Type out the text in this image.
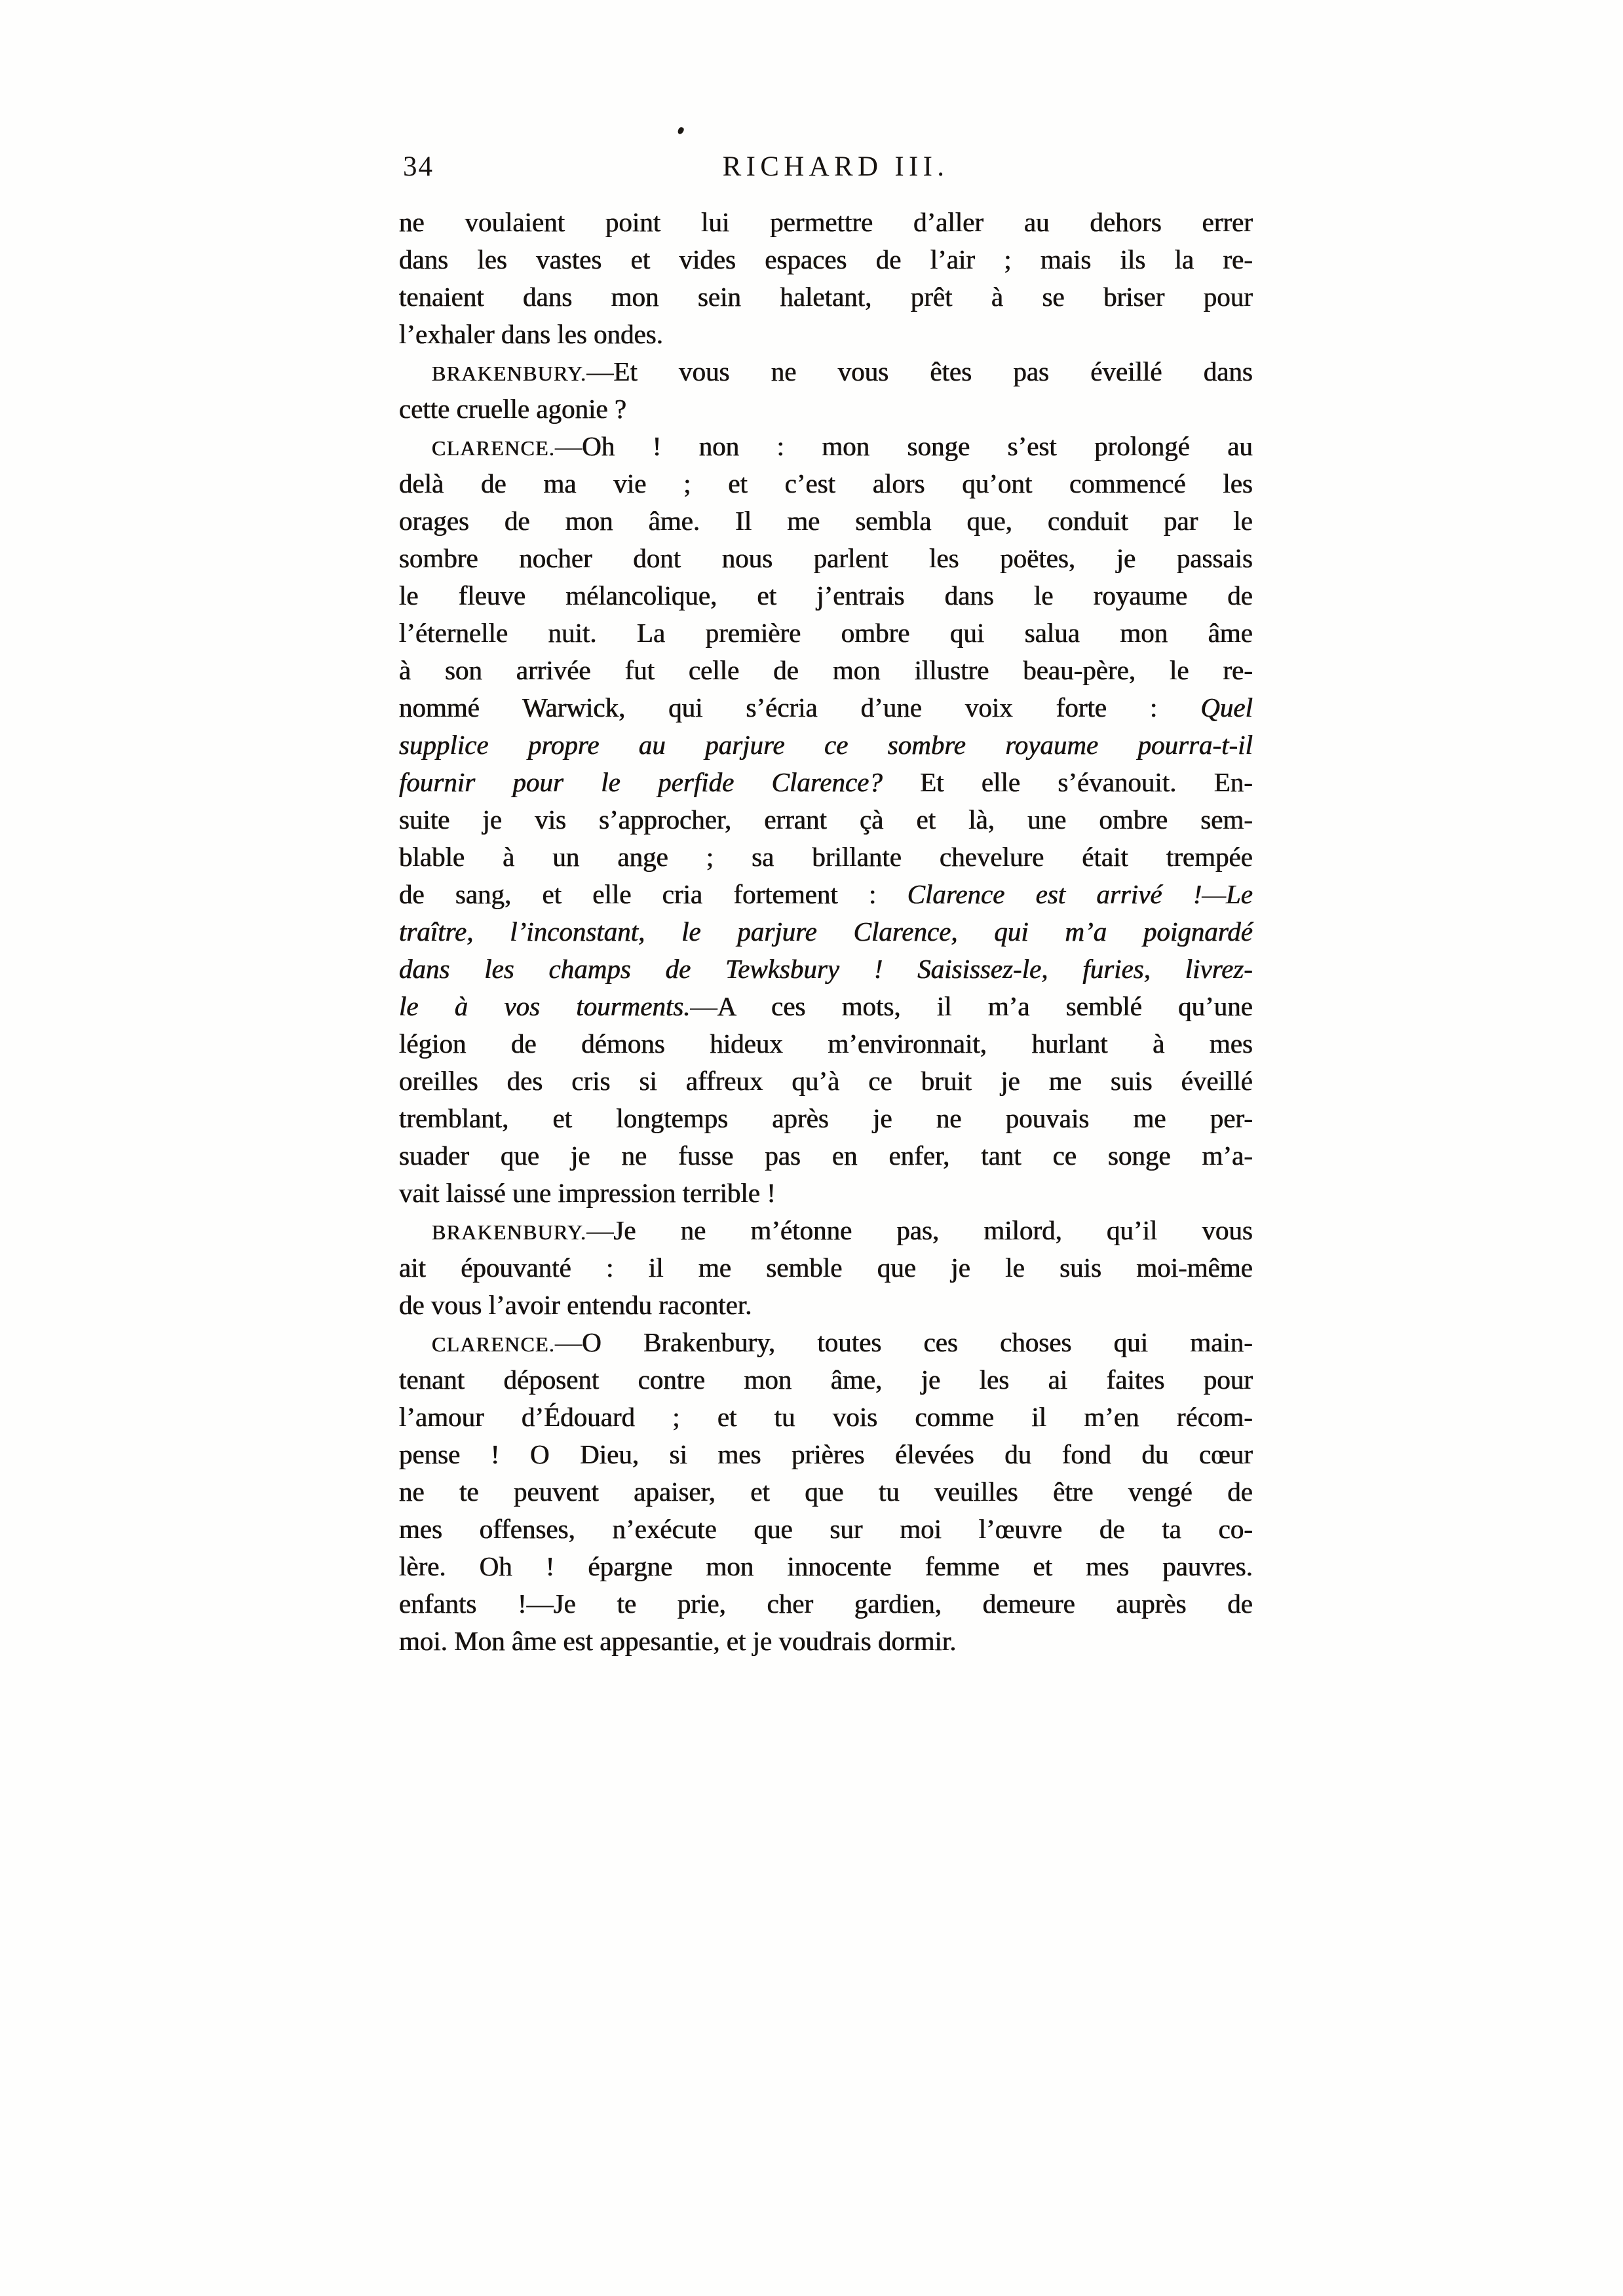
34	RICHARD III.
ne voulaient point lui permettre d’aller au dehors errer
dans les vastes et vides espaces de l’air ; mais ils la re-
tenaient dans mon sein haletant, prêt à se briser pour
l’exhaler dans les ondes.
BRAKENBURY.—Et vous ne vous êtes pas éveillé dans
cette cruelle agonie ?
CLARENCE.—Oh ! non : mon songe s’est prolongé au
delà de ma vie ; et c’est alors qu’ont commencé les
orages de mon âme. Il me sembla que, conduit par le
sombre nocher dont nous parlent les poëtes, je passais
le fleuve mélancolique, et j’entrais dans le royaume de
l’éternelle nuit. La première ombre qui salua mon âme
à son arrivée fut celle de mon illustre beau-père, le re-
nommé Warwick, qui s’écria d’une voix forte : Quel
supplice propre au parjure ce sombre royaume pourra-t-il
fournir pour le perfide Clarence? Et elle s’évanouit. En-
suite je vis s’approcher, errant çà et là, une ombre sem-
blable à un ange ; sa brillante chevelure était trempée
de sang, et elle cria fortement : Clarence est arrivé !—Le
traître, l’inconstant, le parjure Clarence, qui m’a poignardé
dans les champs de Tewksbury ! Saisissez-le, furies, livrez-
le à vos tourments.—A ces mots, il m’a semblé qu’une
légion de démons hideux m’environnait, hurlant à mes
oreilles des cris si affreux qu’à ce bruit je me suis éveillé
tremblant, et longtemps après je ne pouvais me per-
suader que je ne fusse pas en enfer, tant ce songe m’a-
vait laissé une impression terrible !
BRAKENBURY.—Je ne m’étonne pas, milord, qu’il vous
ait épouvanté : il me semble que je le suis moi-même
de vous l’avoir entendu raconter.
CLARENCE.—O Brakenbury, toutes ces choses qui main-
tenant déposent contre mon âme, je les ai faites pour
l’amour d’Édouard ; et tu vois comme il m’en récom-
pense ! O Dieu, si mes prières élevées du fond du cœur
ne te peuvent apaiser, et que tu veuilles être vengé de
mes offenses, n’exécute que sur moi l’œuvre de ta co-
lère. Oh ! épargne mon innocente femme et mes pauvres.
enfants !—Je te prie, cher gardien, demeure auprès de
moi. Mon âme est appesantie, et je voudrais dormir.
